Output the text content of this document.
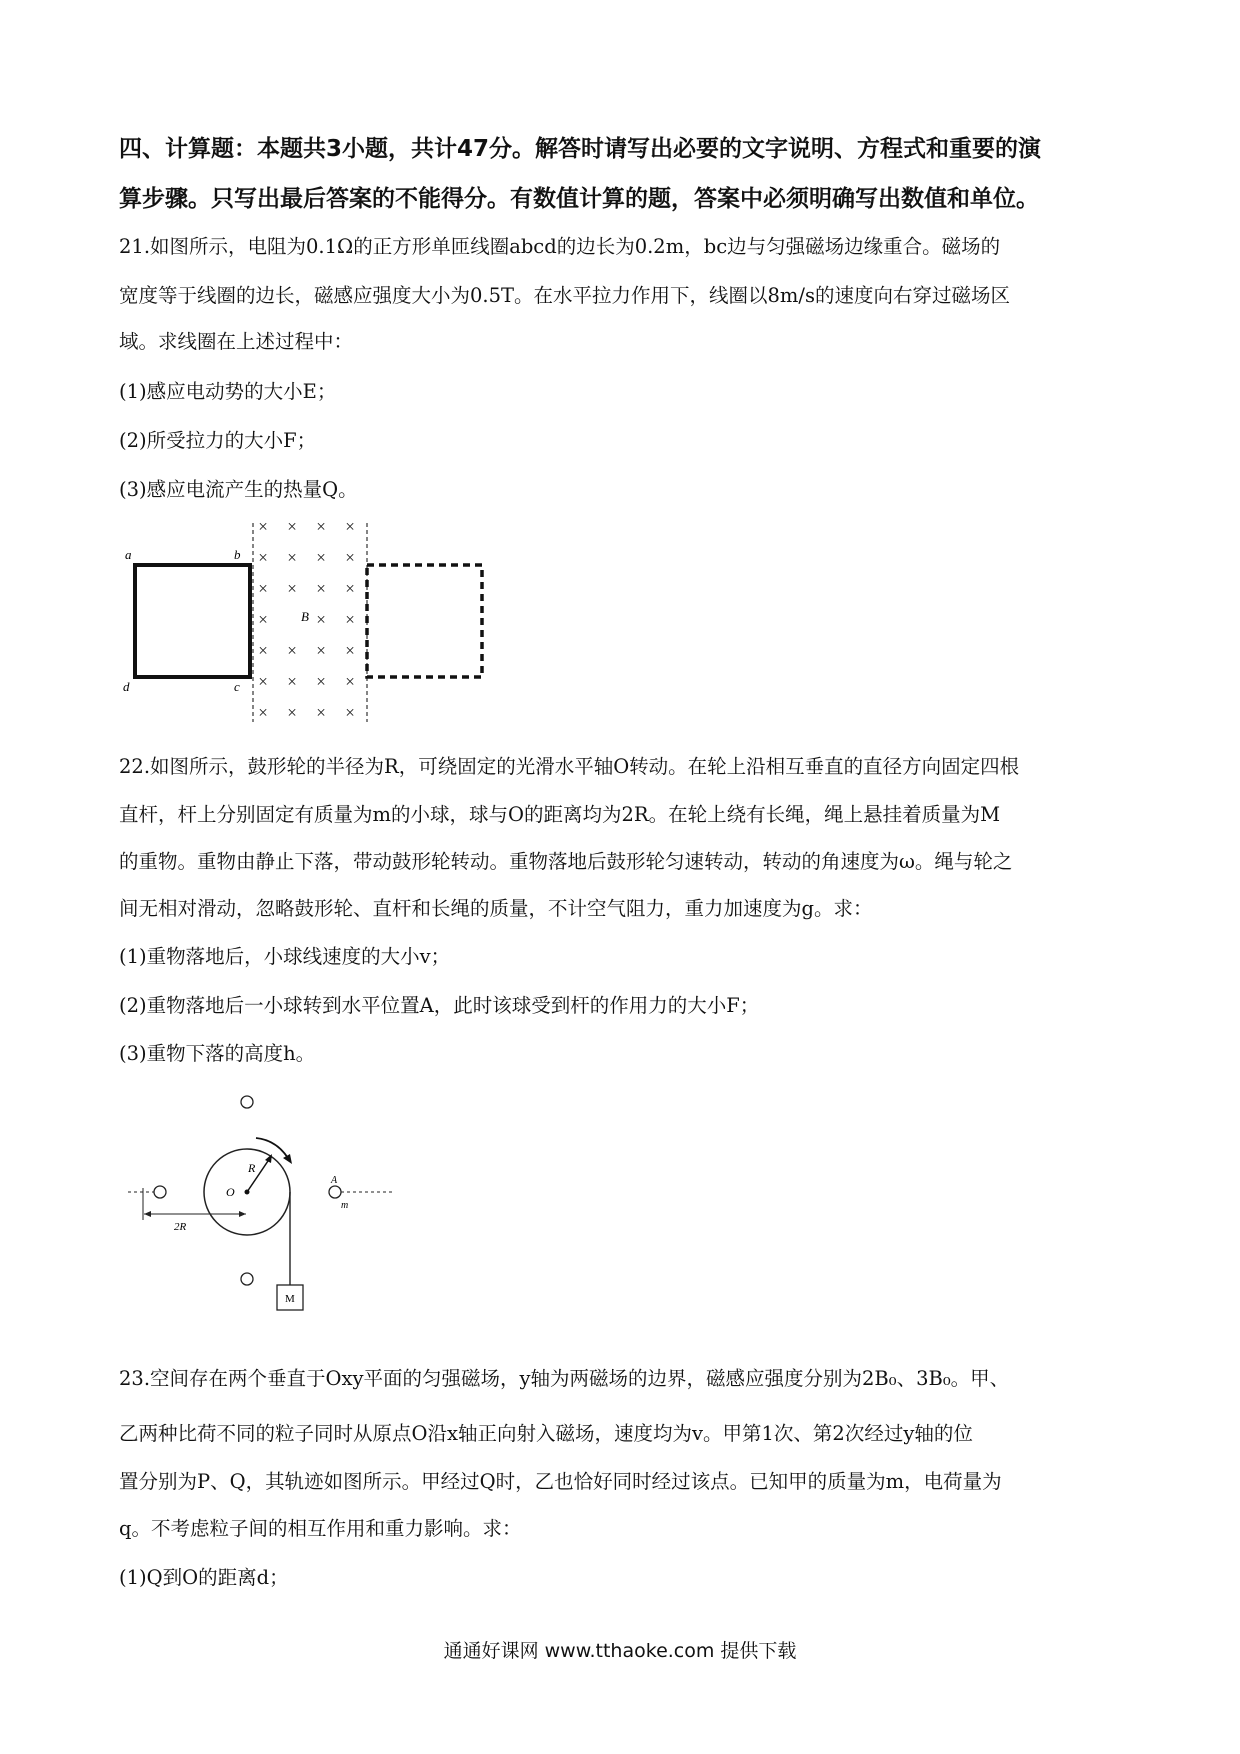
四、计算题：本题共3小题，共计47分。解答时请写出必要的文字说明、方程式和重要的演
算步骤。只写出最后答案的不能得分。有数值计算的题，答案中必须明确写出数值和单位。
21.如图所示，电阻为0.1Ω的正方形单匝线圈abcd的边长为0.2m，bc边与匀强磁场边缘重合。磁场的
宽度等于线圈的边长，磁感应强度大小为0.5T。在水平拉力作用下，线圈以8m/s的速度向右穿过磁场区
域。求线圈在上述过程中：
(1)感应电动势的大小E；
(2)所受拉力的大小F；
(3)感应电流产生的热量Q。
a	b
d	c
× × × ×
× × × ×
× × × ×
×	× ×
× × × ×
× × × ×
× × × ×
B
22.如图所示，鼓形轮的半径为R，可绕固定的光滑水平轴O转动。在轮上沿相互垂直的直径方向固定四根
直杆，杆上分别固定有质量为m的小球，球与O的距离均为2R。在轮上绕有长绳，绳上悬挂着质量为M
的重物。重物由静止下落，带动鼓形轮转动。重物落地后鼓形轮匀速转动，转动的角速度为ω。绳与轮之
间无相对滑动，忽略鼓形轮、直杆和长绳的质量，不计空气阻力，重力加速度为g。求：
(1)重物落地后，小球线速度的大小v；
(2)重物落地后一小球转到水平位置A，此时该球受到杆的作用力的大小F；
(3)重物下落的高度h。
R
O
2R
M
A
m
23.空间存在两个垂直于Oxy平面的匀强磁场，y轴为两磁场的边界，磁感应强度分别为2B₀、3B₀。甲、
乙两种比荷不同的粒子同时从原点O沿x轴正向射入磁场，速度均为v。甲第1次、第2次经过y轴的位
置分别为P、Q，其轨迹如图所示。甲经过Q时，乙也恰好同时经过该点。已知甲的质量为m，电荷量为
q。不考虑粒子间的相互作用和重力影响。求：
(1)Q到O的距离d；
通通好课网 www.tthaoke.com 提供下载
